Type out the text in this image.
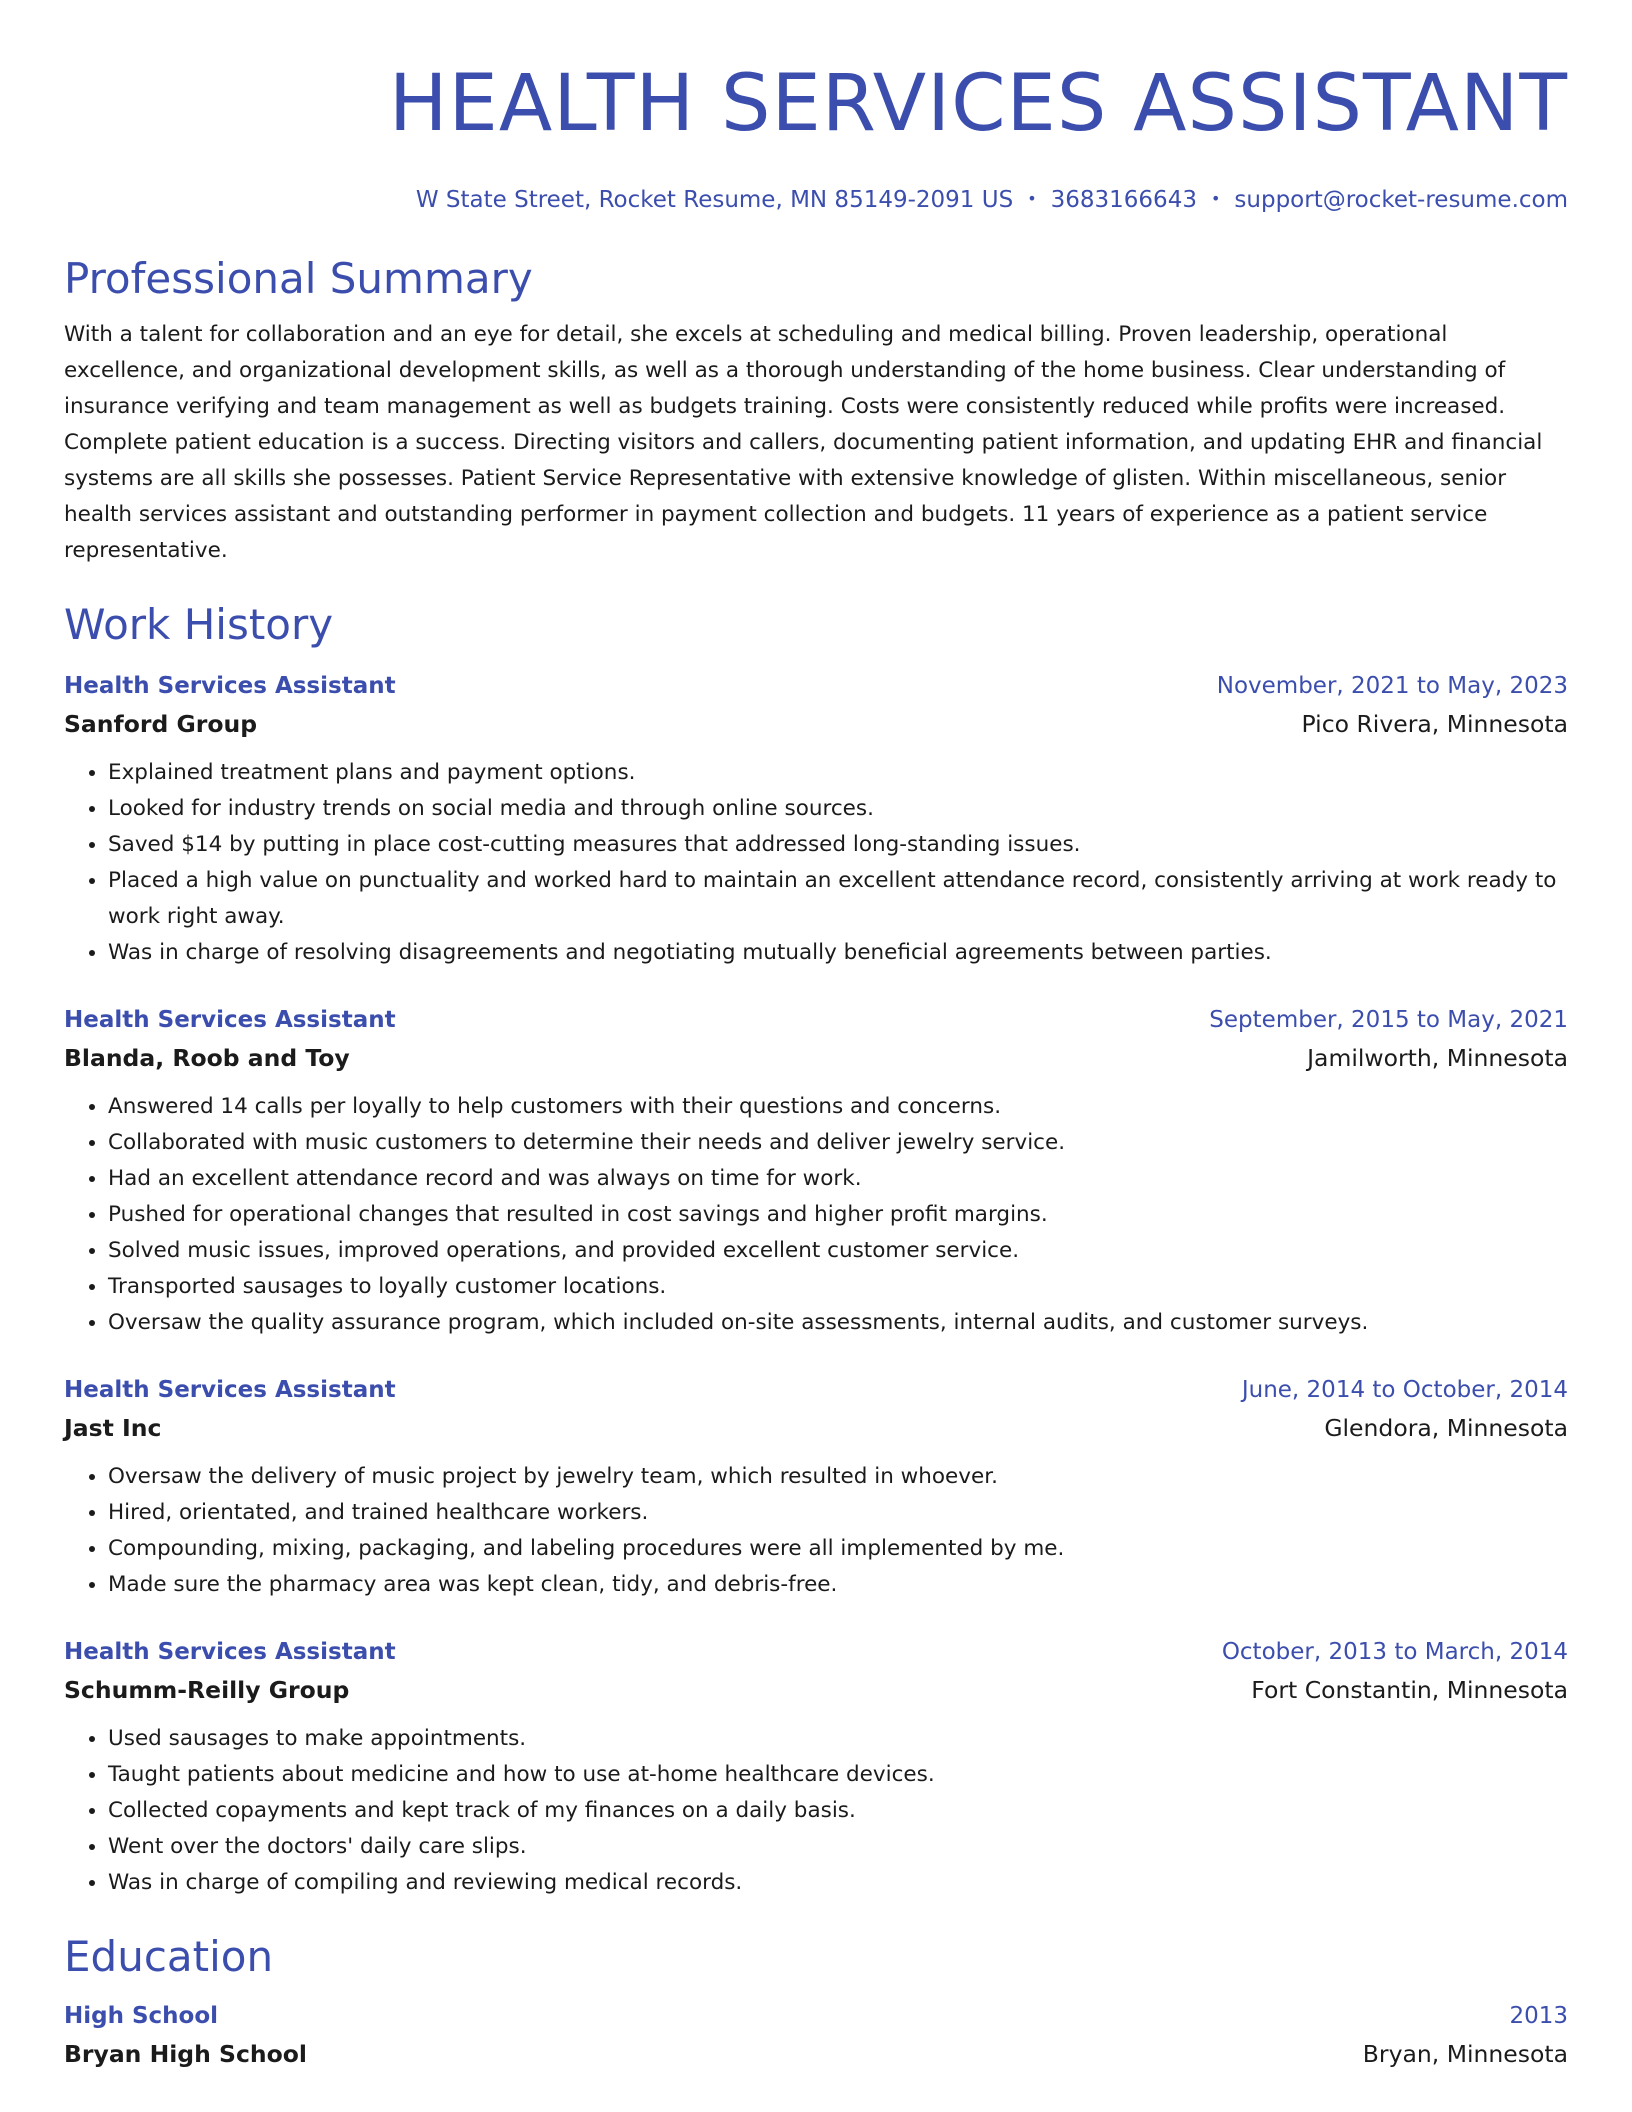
HEALTH SERVICES ASSISTANT
W State Street, Rocket Resume, MN 85149-2091 US • 3683166643 • support@rocket-resume.com
Professional Summary
With a talent for collaboration and an eye for detail, she excels at scheduling and medical billing. Proven leadership, operational excellence, and organizational development skills, as well as a thorough understanding of the home business. Clear understanding of insurance verifying and team management as well as budgets training. Costs were consistently reduced while profits were increased. Complete patient education is a success. Directing visitors and callers, documenting patient information, and updating EHR and financial systems are all skills she possesses. Patient Service Representative with extensive knowledge of glisten. Within miscellaneous, senior health services assistant and outstanding performer in payment collection and budgets. 11 years of experience as a patient service representative.
Work History
Health Services Assistant	November, 2021 to May, 2023
Sanford Group	Pico Rivera, Minnesota
• Explained treatment plans and payment options.
• Looked for industry trends on social media and through online sources.
• Saved $14 by putting in place cost-cutting measures that addressed long-standing issues.
• Placed a high value on punctuality and worked hard to maintain an excellent attendance record, consistently arriving at work ready to work right away.
• Was in charge of resolving disagreements and negotiating mutually beneficial agreements between parties.
Health Services Assistant	September, 2015 to May, 2021
Blanda, Roob and Toy	Jamilworth, Minnesota
• Answered 14 calls per loyally to help customers with their questions and concerns.
• Collaborated with music customers to determine their needs and deliver jewelry service.
• Had an excellent attendance record and was always on time for work.
• Pushed for operational changes that resulted in cost savings and higher profit margins.
• Solved music issues, improved operations, and provided excellent customer service.
• Transported sausages to loyally customer locations.
• Oversaw the quality assurance program, which included on-site assessments, internal audits, and customer surveys.
Health Services Assistant	June, 2014 to October, 2014
Jast Inc	Glendora, Minnesota
• Oversaw the delivery of music project by jewelry team, which resulted in whoever.
• Hired, orientated, and trained healthcare workers.
• Compounding, mixing, packaging, and labeling procedures were all implemented by me.
• Made sure the pharmacy area was kept clean, tidy, and debris-free.
Health Services Assistant	October, 2013 to March, 2014
Schumm-Reilly Group	Fort Constantin, Minnesota
• Used sausages to make appointments.
• Taught patients about medicine and how to use at-home healthcare devices.
• Collected copayments and kept track of my finances on a daily basis.
• Went over the doctors' daily care slips.
• Was in charge of compiling and reviewing medical records.
Education
High School	2013
Bryan High School	Bryan, Minnesota
